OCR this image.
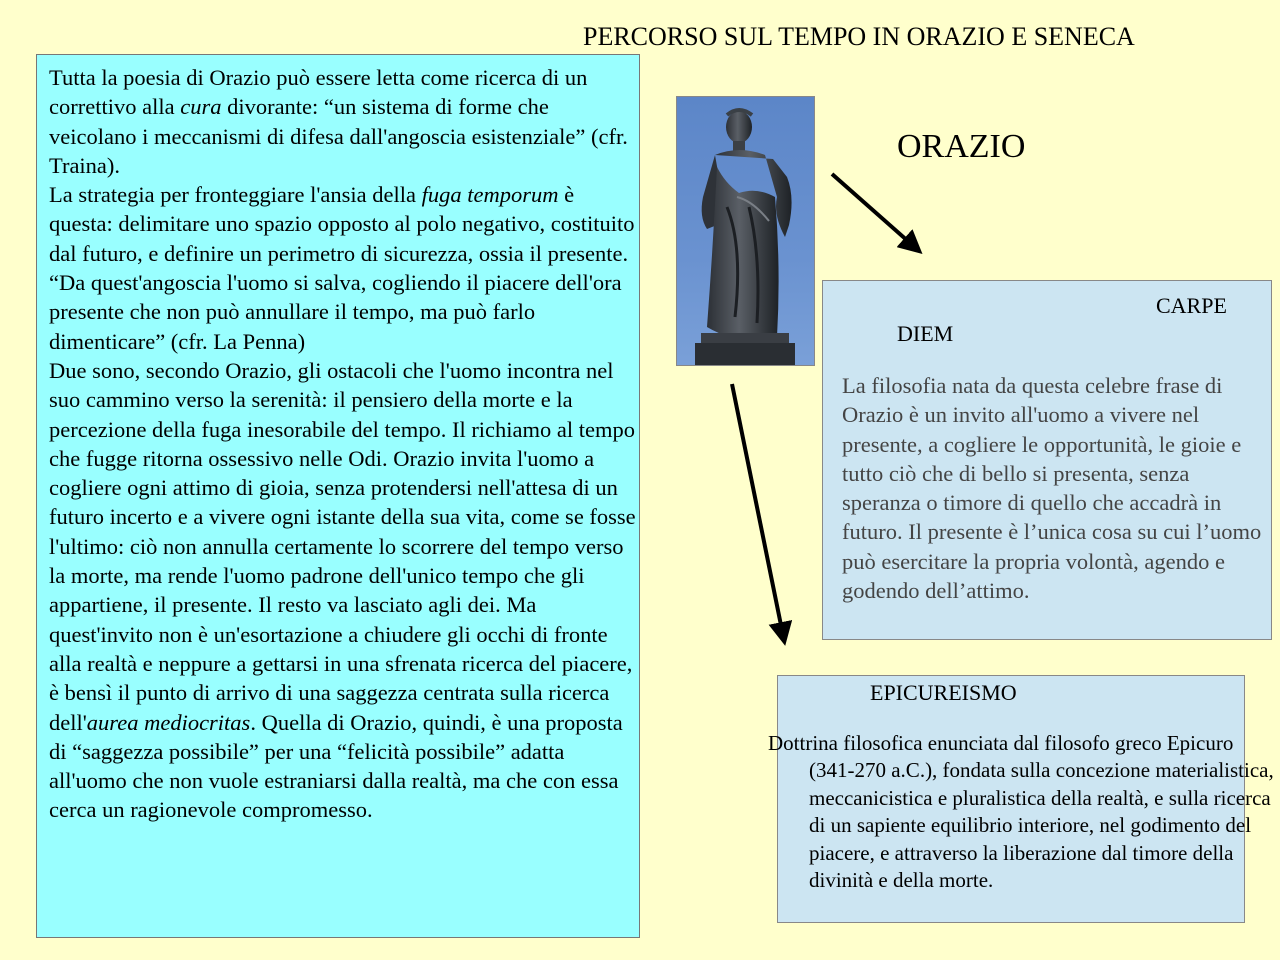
PERCORSO SUL TEMPO IN ORAZIO E SENECA

Tutta la poesia di Orazio può essere letta come ricerca di un correttivo alla cura divorante: “un sistema di forme che veicolano i meccanismi di difesa dall'angoscia esistenziale” (cfr. Traina).

La strategia per fronteggiare l'ansia della fuga temporum è questa: delimitare uno spazio opposto al polo negativo, costituito dal futuro, e definire un perimetro di sicurezza, ossia il presente.

“Da quest'angoscia l'uomo si salva, cogliendo il piacere dell'ora presente che non può annullare il tempo, ma può farlo dimenticare” (cfr. La Penna)

Due sono, secondo Orazio, gli ostacoli che l'uomo incontra nel suo cammino verso la serenità: il pensiero della morte e la percezione della fuga inesorabile del tempo. Il richiamo al tempo che fugge ritorna ossessivo nelle Odi. Orazio invita l'uomo a cogliere ogni attimo di gioia, senza protendersi nell'attesa di un futuro incerto e a vivere ogni istante della sua vita, come se fosse l'ultimo: ciò non annulla certamente lo scorrere del tempo verso la morte, ma rende l'uomo padrone dell'unico tempo che gli appartiene, il presente. Il resto va lasciato agli dei. Ma quest'invito non è un'esortazione a chiudere gli occhi di fronte alla realtà e neppure a gettarsi in una sfrenata ricerca del piacere, è bensì il punto di arrivo di una saggezza centrata sulla ricerca dell'aurea mediocritas. Quella di Orazio, quindi, è una proposta di “saggezza possibile” per una “felicità possibile” adatta all'uomo che non vuole estraniarsi dalla realtà, ma che con essa cerca un ragionevole compromesso.

ORAZIO
CARPE
DIEM
La filosofia nata da questa celebre frase di Orazio è un invito all'uomo a vivere nel presente, a cogliere le opportunità, le gioie e tutto ciò che di bello si presenta, senza speranza o timore di quello che accadrà in futuro. Il presente è l’unica cosa su cui l’uomo può esercitare la propria volontà, agendo e godendo dell’attimo.
EPICUREISMO
Dottrina filosofica enunciata dal filosofo greco Epicuro (341-270 a.C.), fondata sulla concezione materialistica, meccanicistica e pluralistica della realtà, e sulla ricerca di un sapiente equilibrio interiore, nel godimento del piacere, e attraverso la liberazione dal timore della divinità e della morte.
